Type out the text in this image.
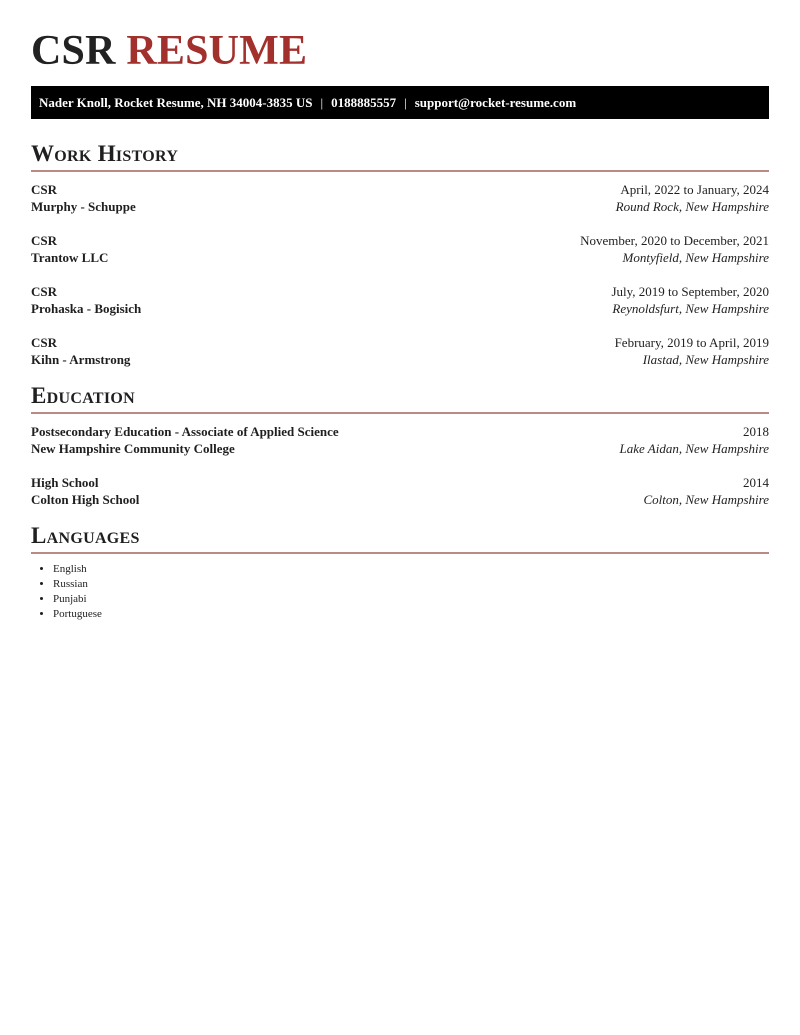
CSR RESUME
Nader Knoll, Rocket Resume, NH 34004-3835 US | 0188885557 | support@rocket-resume.com
Work History
CSR
Murphy - Schuppe
April, 2022 to January, 2024
Round Rock, New Hampshire
CSR
Trantow LLC
November, 2020 to December, 2021
Montyfield, New Hampshire
CSR
Prohaska - Bogisich
July, 2019 to September, 2020
Reynoldsfurt, New Hampshire
CSR
Kihn - Armstrong
February, 2019 to April, 2019
Ilastad, New Hampshire
Education
Postsecondary Education - Associate of Applied Science
New Hampshire Community College
2018
Lake Aidan, New Hampshire
High School
Colton High School
2014
Colton, New Hampshire
Languages
• English
• Russian
• Punjabi
• Portuguese
